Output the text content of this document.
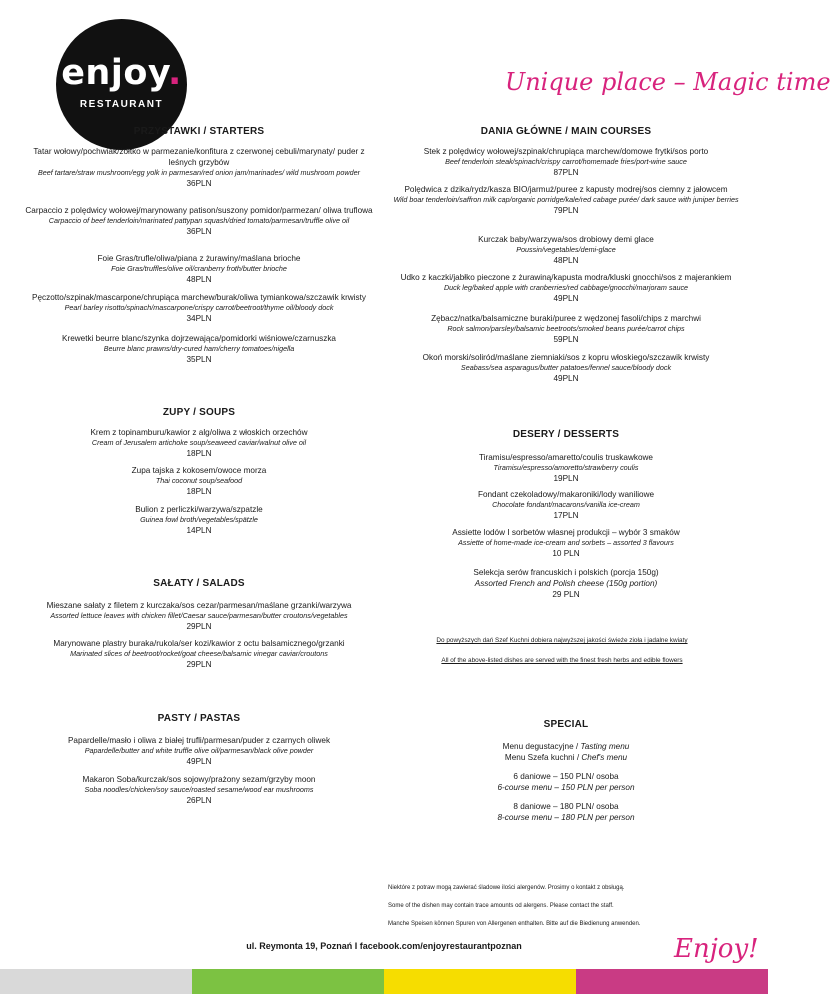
enjoy.
RESTAURANT
Unique place – Magic time
PRZYSTAWKI / STARTERS
Tatar wołowy/pochwiak/żółtko w parmezanie/konfitura z czerwonej cebuli/marynaty/ puder z leśnych grzybów
Beef tartare/straw mushroom/egg yolk in parmesan/red onion jam/marinades/ wild mushroom powder
36PLN
Carpaccio z polędwicy wołowej/marynowany patison/suszony pomidor/parmezan/ oliwa truflowa
Carpaccio of beef tenderloin/marinated pattypan squash/dried tomato/parmesan/truffle olive oil
36PLN
Foie Gras/trufle/oliwa/piana z żurawiny/maślana brioche
Foie Gras/truffles/olive oil/cranberry froth/butter brioche
48PLN
Pęczotto/szpinak/mascarpone/chrupiąca marchew/burak/oliwa tymiankowa/szczawik krwisty
Pearl barley risotto/spinach/mascarpone/crispy carrot/beetroot/thyme oil/bloody dock
34PLN
Krewetki beurre blanc/szynka dojrzewająca/pomidorki wiśniowe/czarnuszka
Beurre blanc prawns/dry-cured ham/cherry tomatoes/nigella
35PLN
ZUPY / SOUPS
Krem z topinamburu/kawior z alg/oliwa z włoskich orzechów
Cream of Jerusalem artichoke soup/seaweed caviar/walnut olive oil
18PLN
Zupa tajska z kokosem/owoce morza
Thai coconut soup/seafood
18PLN
Bulion z perliczki/warzywa/szpatzle
Guinea fowl broth/vegetables/spätzle
14PLN
SAŁATY / SALADS
Mieszane sałaty z filetem z kurczaka/sos cezar/parmesan/maślane grzanki/warzywa
Assorted lettuce leaves with chicken fillet/Caesar sauce/parmesan/butter croutons/vegetables
29PLN
Marynowane plastry buraka/rukola/ser kozi/kawior z octu balsamicznego/grzanki
Marinated slices of beetroot/rocket/goat cheese/balsamic vinegar caviar/croutons
29PLN
PASTY / PASTAS
Papardelle/masło i oliwa z białej trufli/parmesan/puder z czarnych oliwek
Papardelle/butter and white truffle olive oil/parmesan/black olive powder
49PLN
Makaron Soba/kurczak/sos sojowy/prażony sezam/grzyby moon
Soba noodles/chicken/soy sauce/roasted sesame/wood ear mushrooms
26PLN
DANIA GŁÓWNE / MAIN COURSES
Stek z polędwicy wołowej/szpinak/chrupiąca marchew/domowe frytki/sos porto
Beef tenderloin steak/spinach/crispy carrot/homemade fries/port-wine sauce
87PLN
Polędwica z dzika/rydz/kasza BIO/jarmuż/puree z kapusty modrej/sos ciemny z jałowcem
Wild boar tenderloin/saffron milk cap/organic porridge/kale/red cabage purée/ dark sauce with juniper berries
79PLN
Kurczak baby/warzywa/sos drobiowy demi glace
Poussin/vegetables/demi-glace
48PLN
Udko z kaczki/jabłko pieczone z żurawiną/kapusta modra/kluski gnocchi/sos z majerankiem
Duck leg/baked apple with cranberries/red cabbage/gnocchi/marjoram sauce
49PLN
Zębacz/natka/balsamiczne buraki/puree z wędzonej fasoli/chips z marchwi
Rock salmon/parsley/balsamic beetroots/smoked beans purée/carrot chips
59PLN
Okoń morski/soliród/maślane ziemniaki/sos z kopru włoskiego/szczawik krwisty
Seabass/sea asparagus/butter patatoes/fennel sauce/bloody dock
49PLN
DESERY / DESSERTS
Tiramisu/espresso/amaretto/coulis truskawkowe
Tiramisu/espresso/amoretto/strawberry coulis
19PLN
Fondant czekoladowy/makaroniki/lody waniliowe
Chocolate fondant/macarons/vanilla ice-cream
17PLN
Assiette lodów I sorbetów własnej produkcji – wybór 3 smaków
Assiette of home-made ice-cream and sorbets – assorted 3 flavours
10 PLN
Selekcja serów francuskich i polskich (porcja 150g)
Assorted French and Polish cheese (150g portion)
29 PLN
SPECIAL
Menu degustacyjne / Tasting menu
Menu Szefa kuchni / Chef's menu
6 daniowe – 150 PLN/ osoba
6-course menu – 150 PLN per person
8 daniowe – 180 PLN/ osoba
8-course menu – 180 PLN per person
Do powyższych dań Szef Kuchni dobiera najwyższej jakości świeże zioła i jadalne kwiaty
All of the above-listed dishes are served with the finest fresh herbs and edible flowers
Niektóre z potraw mogą zawierać śladowe ilości alergenów. Prosimy o kontakt z obsługą.
Some of the dishen may contain trace amounts od alergens. Please contact the staff.
Manche Speisen können Spuren von Allergenen enthalten. Bitte auf die Biedienung anwenden.
ul. Reymonta 19, Poznań I facebook.com/enjoyrestaurantpoznan	Enjoy!
